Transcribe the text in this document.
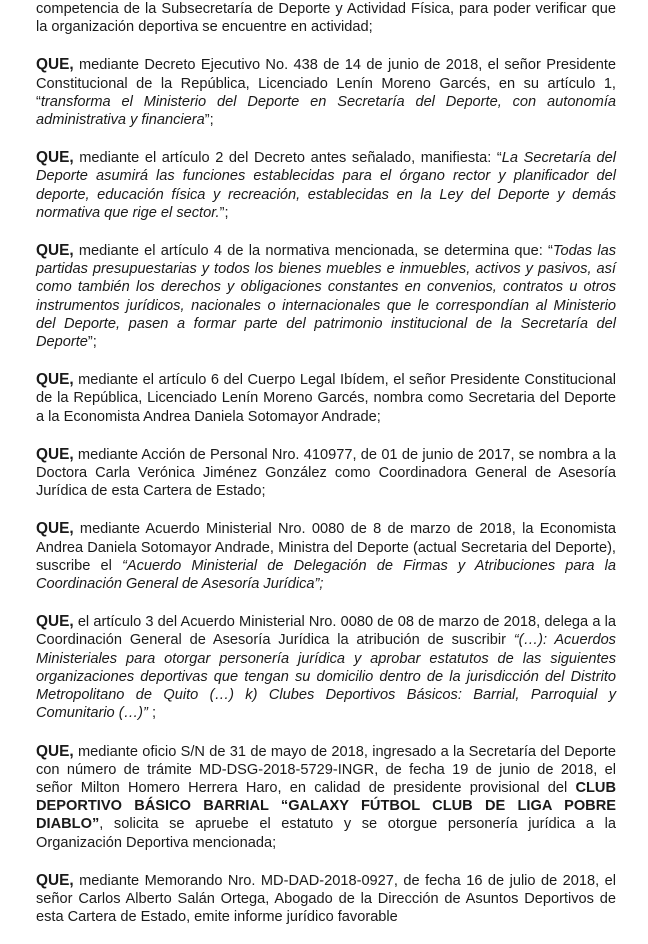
competencia de la Subsecretaría de Deporte y Actividad Física, para poder verificar que la organización deportiva se encuentre en actividad;

QUE, mediante Decreto Ejecutivo No. 438 de 14 de junio de 2018, el señor Presidente Constitucional de la República, Licenciado Lenín Moreno Garcés, en su artículo 1, “transforma el Ministerio del Deporte en Secretaría del Deporte, con autonomía administrativa y financiera”;

QUE, mediante el artículo 2 del Decreto antes señalado, manifiesta: “La Secretaría del Deporte asumirá las funciones establecidas para el órgano rector y planificador del deporte, educación física y recreación, establecidas en la Ley del Deporte y demás normativa que rige el sector.”;

QUE, mediante el artículo 4 de la normativa mencionada, se determina que: “Todas las partidas presupuestarias y todos los bienes muebles e inmuebles, activos y pasivos, así como también los derechos y obligaciones constantes en convenios, contratos u otros instrumentos jurídicos, nacionales o internacionales que le correspondían al Ministerio del Deporte, pasen a formar parte del patrimonio institucional de la Secretaría del Deporte”;

QUE, mediante el artículo 6 del Cuerpo Legal Ibídem, el señor Presidente Constitucional de la República, Licenciado Lenín Moreno Garcés, nombra como Secretaria del Deporte a la Economista Andrea Daniela Sotomayor Andrade;

QUE, mediante Acción de Personal Nro. 410977, de 01 de junio de 2017, se nombra a la Doctora Carla Verónica Jiménez González como Coordinadora General de Asesoría Jurídica de esta Cartera de Estado;

QUE, mediante Acuerdo Ministerial Nro. 0080 de 8 de marzo de 2018, la Economista Andrea Daniela Sotomayor Andrade, Ministra del Deporte (actual Secretaria del Deporte), suscribe el “Acuerdo Ministerial de Delegación de Firmas y Atribuciones para la Coordinación General de Asesoría Jurídica”;

QUE, el artículo 3 del Acuerdo Ministerial Nro. 0080 de 08 de marzo de 2018, delega a la Coordinación General de Asesoría Jurídica la atribución de suscribir “(…): Acuerdos Ministeriales para otorgar personería jurídica y aprobar estatutos de las siguientes organizaciones deportivas que tengan su domicilio dentro de la jurisdicción del Distrito Metropolitano de Quito (…) k) Clubes Deportivos Básicos: Barrial, Parroquial y Comunitario (…)” ;

QUE, mediante oficio S/N de 31 de mayo de 2018, ingresado a la Secretaría del Deporte con número de trámite MD-DSG-2018-5729-INGR, de fecha 19 de junio de 2018, el señor Milton Homero Herrera Haro, en calidad de presidente provisional del CLUB DEPORTIVO BÁSICO BARRIAL “GALAXY FÚTBOL CLUB DE LIGA POBRE DIABLO”, solicita se apruebe el estatuto y se otorgue personería jurídica a la Organización Deportiva mencionada;

QUE, mediante Memorando Nro. MD-DAD-2018-0927, de fecha 16 de julio de 2018, el señor Carlos Alberto Salán Ortega, Abogado de la Dirección de Asuntos Deportivos de esta Cartera de Estado, emite informe jurídico favorable
